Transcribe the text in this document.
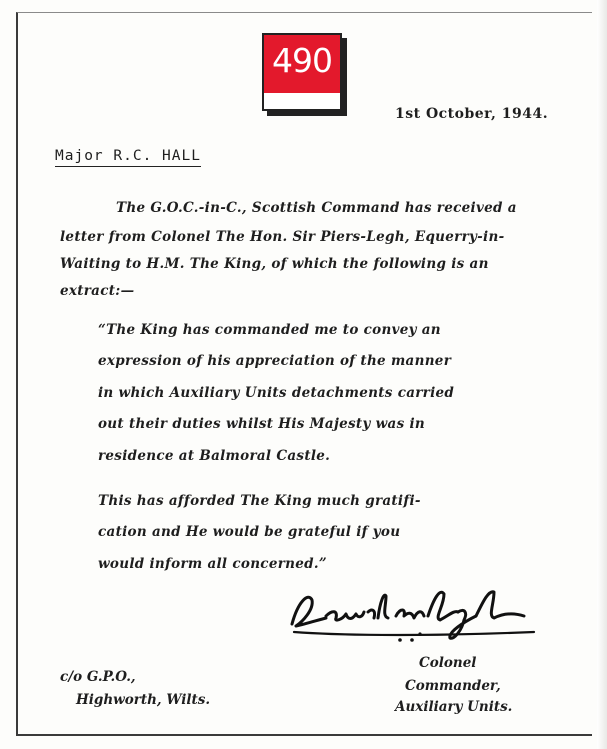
490
1st October, 1944.
Major R.C. HALL
The G.O.C.-in-C., Scottish Command has received a
letter from Colonel The Hon. Sir Piers-Legh, Equerry-in-
Waiting to H.M. The King, of which the following is an
extract:—
“The King has commanded me to convey an
expression of his appreciation of the manner
in which Auxiliary Units detachments carried
out their duties whilst His Majesty was in
residence at Balmoral Castle.
This has afforded The King much gratifi-
cation and He would be grateful if you
would inform all concerned.”
Colonel
Commander,
Auxiliary Units.
c/o G.P.O.,
Highworth, Wilts.
